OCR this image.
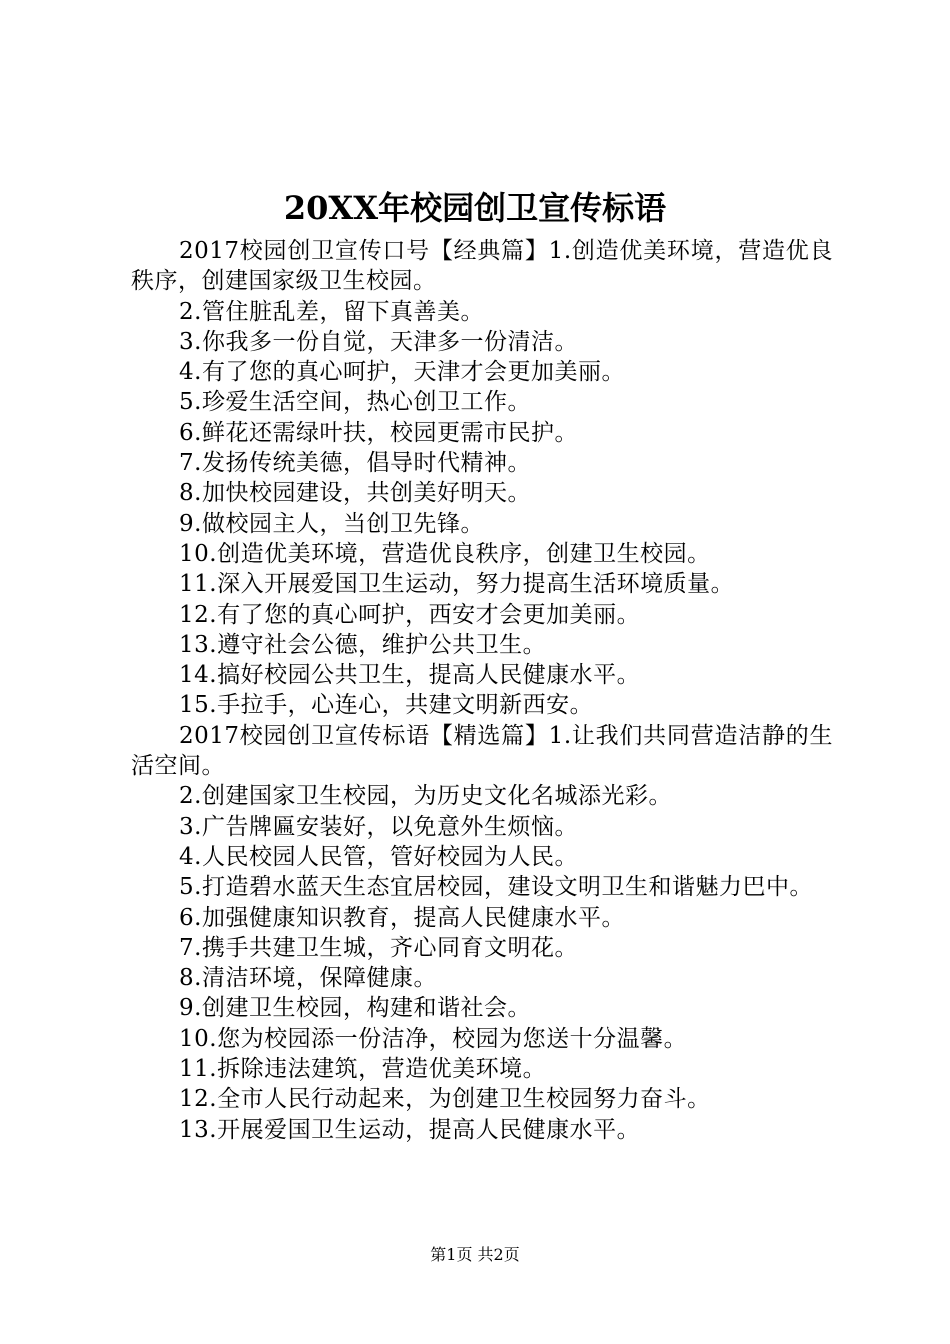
20XX年校园创卫宣传标语

2017校园创卫宣传口号【经典篇】1.创造优美环境，营造优良秩序，创建国家级卫生校园。

2.管住脏乱差，留下真善美。

3.你我多一份自觉，天津多一份清洁。

4.有了您的真心呵护，天津才会更加美丽。

5.珍爱生活空间，热心创卫工作。

6.鲜花还需绿叶扶，校园更需市民护。

7.发扬传统美德，倡导时代精神。

8.加快校园建设，共创美好明天。

9.做校园主人，当创卫先锋。

10.创造优美环境，营造优良秩序，创建卫生校园。

11.深入开展爱国卫生运动，努力提高生活环境质量。

12.有了您的真心呵护，西安才会更加美丽。

13.遵守社会公德，维护公共卫生。

14.搞好校园公共卫生，提高人民健康水平。

15.手拉手，心连心，共建文明新西安。

2017校园创卫宣传标语【精选篇】1.让我们共同营造洁静的生活空间。

2.创建国家卫生校园，为历史文化名城添光彩。

3.广告牌匾安装好，以免意外生烦恼。

4.人民校园人民管，管好校园为人民。

5.打造碧水蓝天生态宜居校园，建设文明卫生和谐魅力巴中。

6.加强健康知识教育，提高人民健康水平。

7.携手共建卫生城，齐心同育文明花。

8.清洁环境，保障健康。

9.创建卫生校园，构建和谐社会。

10.您为校园添一份洁净，校园为您送十分温馨。

11.拆除违法建筑，营造优美环境。

12.全市人民行动起来，为创建卫生校园努力奋斗。

13.开展爱国卫生运动，提高人民健康水平。

第1页 共2页
